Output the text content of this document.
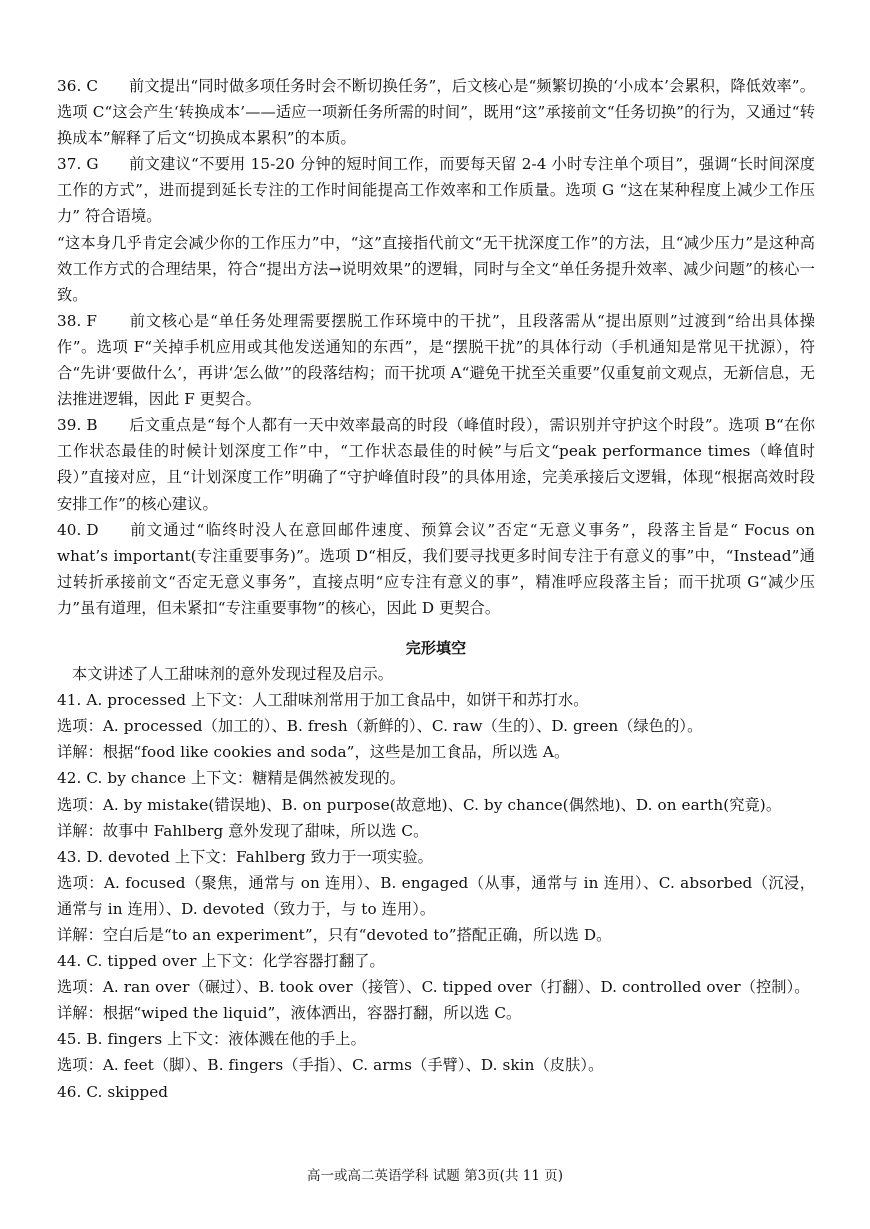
36. C 前文提出“同时做多项任务时会不断切换任务”，后文核心是“频繁切换的‘小成本’会累积，降低效率”。选项 C“这会产生‘转换成本’——适应一项新任务所需的时间”，既用“这”承接前文“任务切换”的行为，又通过“转换成本”解释了后文“切换成本累积”的本质。

37. G 前文建议“不要用 15-20 分钟的短时间工作，而要每天留 2-4 小时专注单个项目”，强调“长时间深度工作的方式”，进而提到延长专注的工作时间能提高工作效率和工作质量。选项 G “这在某种程度上减少工作压力” 符合语境。

“这本身几乎肯定会减少你的工作压力”中，“这”直接指代前文“无干扰深度工作”的方法，且“减少压力”是这种高效工作方式的合理结果，符合“提出方法→说明效果”的逻辑，同时与全文“单任务提升效率、减少问题”的核心一致。

38. F 前文核心是“单任务处理需要摆脱工作环境中的干扰”，且段落需从“提出原则”过渡到“给出具体操作”。选项 F“关掉手机应用或其他发送通知的东西”，是“摆脱干扰”的具体行动（手机通知是常见干扰源），符合“先讲‘要做什么’，再讲‘怎么做’”的段落结构；而干扰项 A“避免干扰至关重要”仅重复前文观点，无新信息，无法推进逻辑，因此 F 更契合。

39. B 后文重点是“每个人都有一天中效率最高的时段（峰值时段），需识别并守护这个时段”。选项 B“在你工作状态最佳的时候计划深度工作”中，“工作状态最佳的时候”与后文“peak performance times（峰值时段）”直接对应，且“计划深度工作”明确了“守护峰值时段”的具体用途，完美承接后文逻辑，体现“根据高效时段安排工作”的核心建议。

40. D 前文通过“临终时没人在意回邮件速度、预算会议”否定“无意义事务”，段落主旨是“ Focus on what’s important(专注重要事务)”。选项 D“相反，我们要寻找更多时间专注于有意义的事”中，“Instead”通过转折承接前文“否定无意义事务”，直接点明“应专注有意义的事”，精准呼应段落主旨；而干扰项 G“减少压力”虽有道理，但未紧扣“专注重要事物”的核心，因此 D 更契合。

完形填空

本文讲述了人工甜味剂的意外发现过程及启示。

41. A. processed 上下文：人工甜味剂常用于加工食品中，如饼干和苏打水。

选项：A. processed（加工的）、B. fresh（新鲜的）、C. raw（生的）、D. green（绿色的）。

详解：根据“food like cookies and soda”，这些是加工食品，所以选 A。

42. C. by chance 上下文：糖精是偶然被发现的。

选项：A. by mistake(错误地)、B. on purpose(故意地)、C. by chance(偶然地)、D. on earth(究竟)。

详解：故事中 Fahlberg 意外发现了甜味，所以选 C。

43. D. devoted 上下文：Fahlberg 致力于一项实验。

选项：A. focused（聚焦，通常与 on 连用）、B. engaged（从事，通常与 in 连用）、C. absorbed（沉浸，通常与 in 连用）、D. devoted（致力于，与 to 连用）。

详解：空白后是“to an experiment”，只有“devoted to”搭配正确，所以选 D。

44. C. tipped over 上下文：化学容器打翻了。

选项：A. ran over（碾过）、B. took over（接管）、C. tipped over（打翻）、D. controlled over（控制）。

详解：根据“wiped the liquid”，液体洒出，容器打翻，所以选 C。

45. B. fingers 上下文：液体溅在他的手上。

选项：A. feet（脚）、B. fingers（手指）、C. arms（手臂）、D. skin（皮肤）。

46. C. skipped

高一或高二英语学科 试题 第3页(共 11 页)
